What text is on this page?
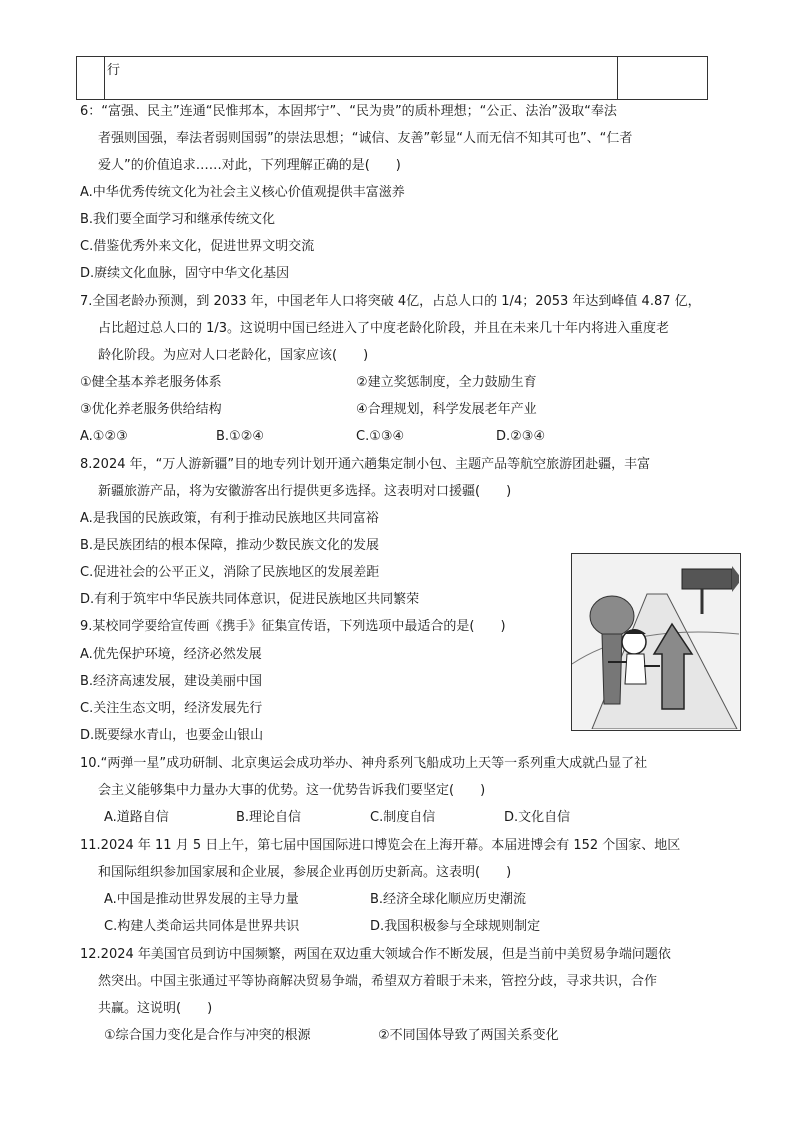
行
6：“富强、民主”连通“民惟邦本，本固邦宁”、“民为贵”的质朴理想；“公正、法治”汲取“奉法
者强则国强，奉法者弱则国弱”的崇法思想；“诚信、友善”彰显“人而无信不知其可也”、“仁者
爱人”的价值追求……对此，下列理解正确的是(　　)
A.中华优秀传统文化为社会主义核心价值观提供丰富滋养
B.我们要全面学习和继承传统文化
C.借鉴优秀外来文化，促进世界文明交流
D.赓续文化血脉，固守中华文化基因
7.全国老龄办预测，到 2033 年，中国老年人口将突破 4亿，占总人口的 1/4；2053 年达到峰值 4.87 亿，
占比超过总人口的 1/3。这说明中国已经进入了中度老龄化阶段，并且在未来几十年内将进入重度老
龄化阶段。为应对人口老龄化，国家应该(　　)
①健全基本养老服务体系	②建立奖惩制度，全力鼓励生育
③优化养老服务供给结构	④合理规划，科学发展老年产业
A.①②③	B.①②④	C.①③④	D.②③④
8.2024 年，“万人游新疆”目的地专列计划开通六趟集定制小包、主题产品等航空旅游团赴疆，丰富
新疆旅游产品，将为安徽游客出行提供更多选择。这表明对口援疆(　　)
A.是我国的民族政策，有利于推动民族地区共同富裕
B.是民族团结的根本保障，推动少数民族文化的发展
C.促进社会的公平正义，消除了民族地区的发展差距
D.有利于筑牢中华民族共同体意识，促进民族地区共同繁荣
9.某校同学要给宣传画《携手》征集宣传语，下列选项中最适合的是(　　)
A.优先保护环境，经济必然发展
B.经济高速发展，建设美丽中国
C.关注生态文明，经济发展先行
D.既要绿水青山，也要金山银山
10.“两弹一星”成功研制、北京奥运会成功举办、神舟系列飞船成功上天等一系列重大成就凸显了社
会主义能够集中力量办大事的优势。这一优势告诉我们要坚定(　　)
A.道路自信	B.理论自信	C.制度自信	D.文化自信
11.2024 年 11 月 5 日上午，第七届中国国际进口博览会在上海开幕。本届进博会有 152 个国家、地区
和国际组织参加国家展和企业展，参展企业再创历史新高。这表明(　　)
A.中国是推动世界发展的主导力量	B.经济全球化顺应历史潮流
C.构建人类命运共同体是世界共识	D.我国积极参与全球规则制定
12.2024 年美国官员到访中国频繁，两国在双边重大领域合作不断发展，但是当前中美贸易争端问题依
然突出。中国主张通过平等协商解决贸易争端，希望双方着眼于未来，管控分歧，寻求共识，合作
共赢。这说明(　　)
①综合国力变化是合作与冲突的根源	②不同国体导致了两国关系变化
